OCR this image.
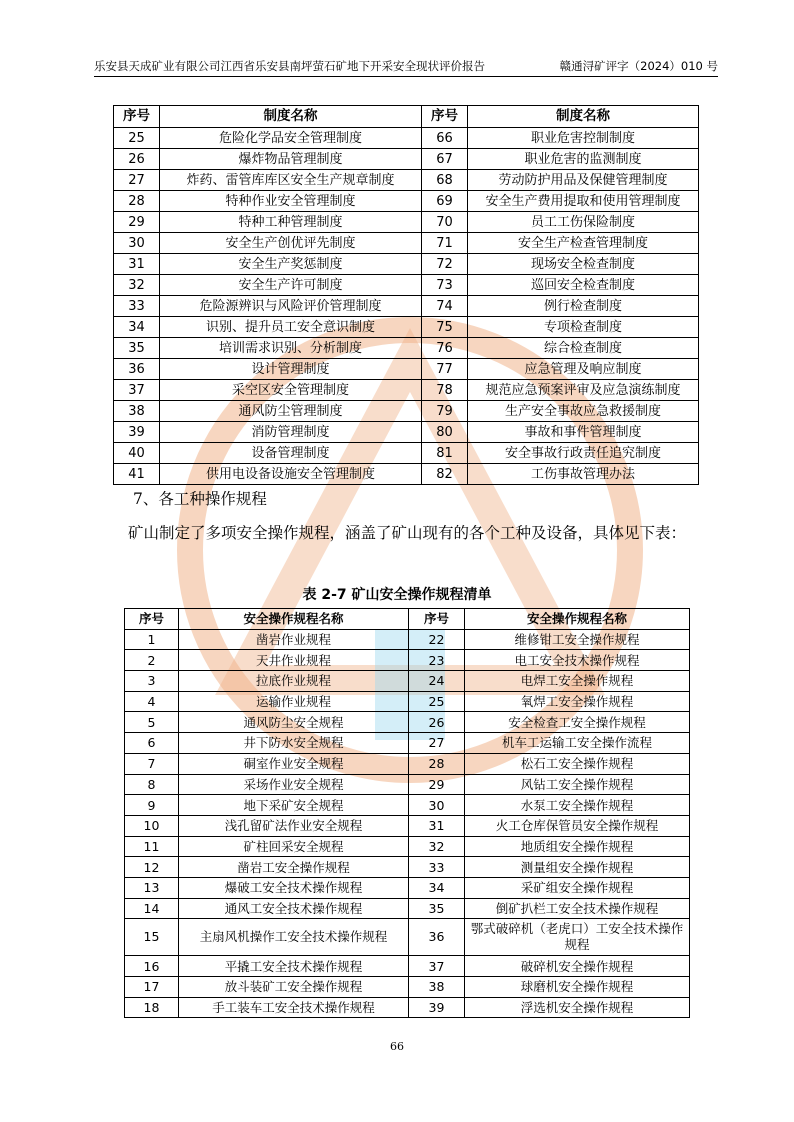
乐安县天成矿业有限公司江西省乐安县南坪萤石矿地下开采安全现状评价报告	赣通浔矿评字（2024）010 号
序号	制度名称	序号	制度名称
25	危险化学品安全管理制度	66	职业危害控制制度
26	爆炸物品管理制度	67	职业危害的监测制度
27	炸药、雷管库库区安全生产规章制度	68	劳动防护用品及保健管理制度
28	特种作业安全管理制度	69	安全生产费用提取和使用管理制度
29	特种工种管理制度	70	员工工伤保险制度
30	安全生产创优评先制度	71	安全生产检查管理制度
31	安全生产奖惩制度	72	现场安全检查制度
32	安全生产许可制度	73	巡回安全检查制度
33	危险源辨识与风险评价管理制度	74	例行检查制度
34	识别、提升员工安全意识制度	75	专项检查制度
35	培训需求识别、分析制度	76	综合检查制度
36	设计管理制度	77	应急管理及响应制度
37	采空区安全管理制度	78	规范应急预案评审及应急演练制度
38	通风防尘管理制度	79	生产安全事故应急救援制度
39	消防管理制度	80	事故和事件管理制度
40	设备管理制度	81	安全事故行政责任追究制度
41	供用电设备设施安全管理制度	82	工伤事故管理办法
7、各工种操作规程
矿山制定了多项安全操作规程，涵盖了矿山现有的各个工种及设备，具体见下表：
表 2-7 矿山安全操作规程清单
序号	安全操作规程名称	序号	安全操作规程名称
1	凿岩作业规程	22	维修钳工安全操作规程
2	天井作业规程	23	电工安全技术操作规程
3	拉底作业规程	24	电焊工安全操作规程
4	运输作业规程	25	氧焊工安全操作规程
5	通风防尘安全规程	26	安全检查工安全操作规程
6	井下防水安全规程	27	机车工运输工安全操作流程
7	硐室作业安全规程	28	松石工安全操作规程
8	采场作业安全规程	29	风钻工安全操作规程
9	地下采矿安全规程	30	水泵工安全操作规程
10	浅孔留矿法作业安全规程	31	火工仓库保管员安全操作规程
11	矿柱回采安全规程	32	地质组安全操作规程
12	凿岩工安全操作规程	33	测量组安全操作规程
13	爆破工安全技术操作规程	34	采矿组安全操作规程
14	通风工安全技术操作规程	35	倒矿扒栏工安全技术操作规程
15	主扇风机操作工安全技术操作规程	36	鄂式破碎机（老虎口）工安全技术操作规程
16	平撬工安全技术操作规程	37	破碎机安全操作规程
17	放斗装矿工安全操作规程	38	球磨机安全操作规程
18	手工装车工安全技术操作规程	39	浮选机安全操作规程
66
